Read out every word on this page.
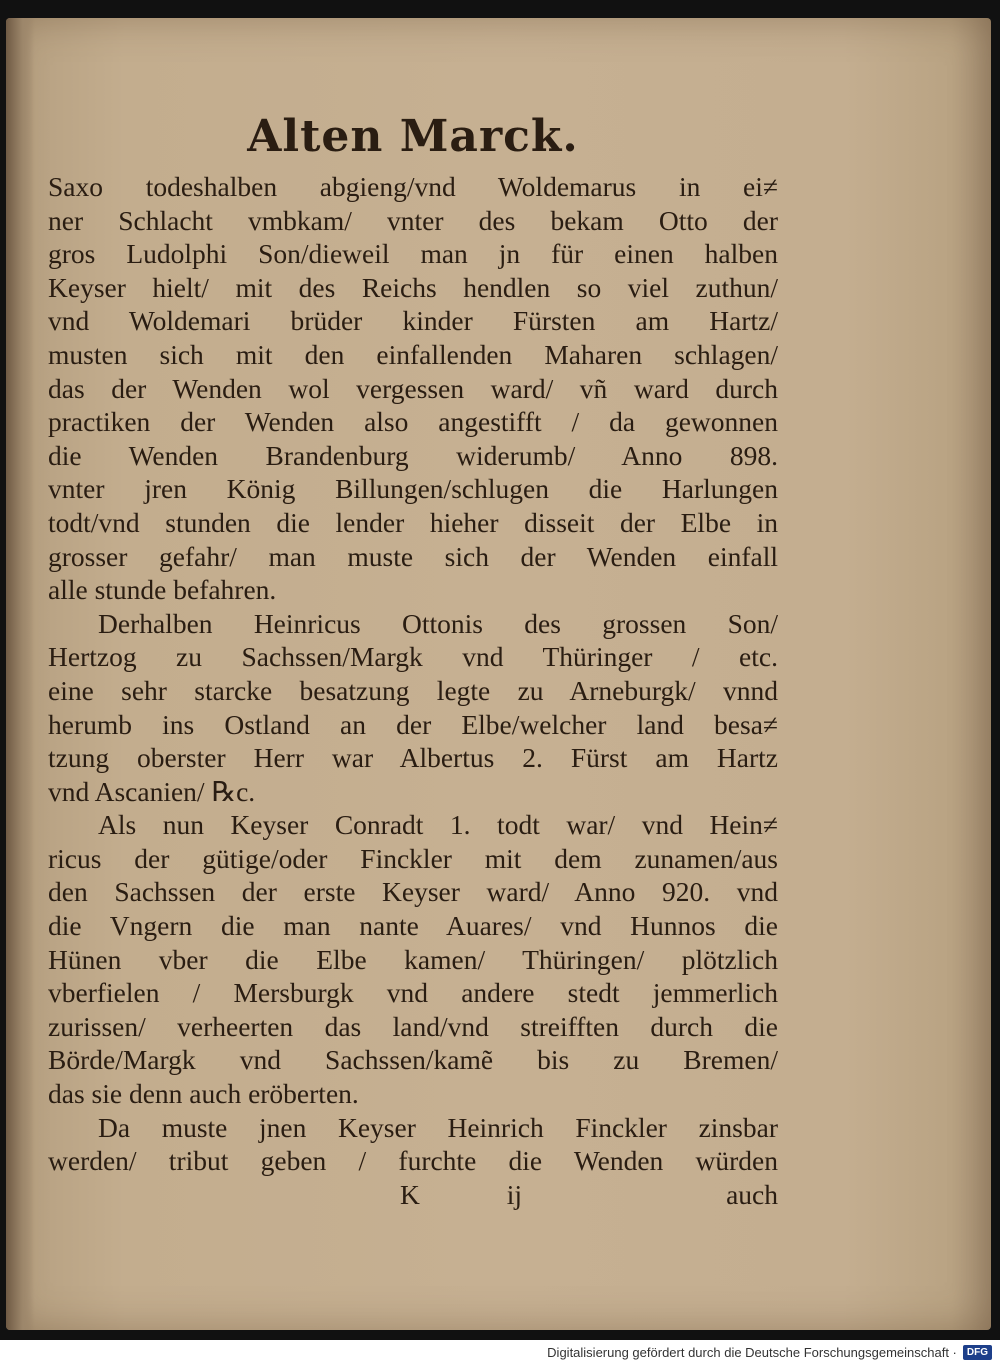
Alten Marck.
Saxo todeshalben abgieng/vnd Woldemarus in ei≠
ner Schlacht vmbkam/ vnter des bekam Otto der
gros Ludolphi Son/dieweil man jn für einen halben
Keyser hielt/ mit des Reichs hendlen so viel zuthun/
vnd Woldemari brüder kinder Fürsten am Hartz/
musten sich mit den einfallenden Maharen schlagen/
das der Wenden wol vergessen ward/ vñ ward durch
practiken der Wenden also angestifft / da gewonnen
die Wenden Brandenburg widerumb/ Anno 898.
vnter jren König Billungen/schlugen die Harlungen
todt/vnd stunden die lender hieher disseit der Elbe in
grosser gefahr/ man muste sich der Wenden einfall
alle stunde befahren.
Derhalben Heinricus Ottonis des grossen Son/
Hertzog zu Sachssen/Margk vnd Thüringer / etc.
eine sehr starcke besatzung legte zu Arneburgk/ vnnd
herumb ins Ostland an der Elbe/welcher land besa≠
tzung oberster Herr war Albertus 2. Fürst am Hartz
vnd Ascanien/ ℞c.
Als nun Keyser Conradt 1. todt war/ vnd Hein≠
ricus der gütige/oder Finckler mit dem zunamen/aus
den Sachssen der erste Keyser ward/ Anno 920. vnd
die Vngern die man nante Auares/ vnd Hunnos die
Hünen vber die Elbe kamen/ Thüringen/ plötzlich
vberfielen / Mersburgk vnd andere stedt jemmerlich
zurissen/ verheerten das land/vnd streifften durch die
Börde/Margk vnd Sachssen/kamẽ bis zu Bremen/
das sie denn auch eröberten.
Da muste jnen Keyser Heinrich Finckler zinsbar
werden/ tribut geben / furchte die Wenden würden
K	ij	auch
Digitalisierung gefördert durch die Deutsche Forschungsgemeinschaft ·	DFG
